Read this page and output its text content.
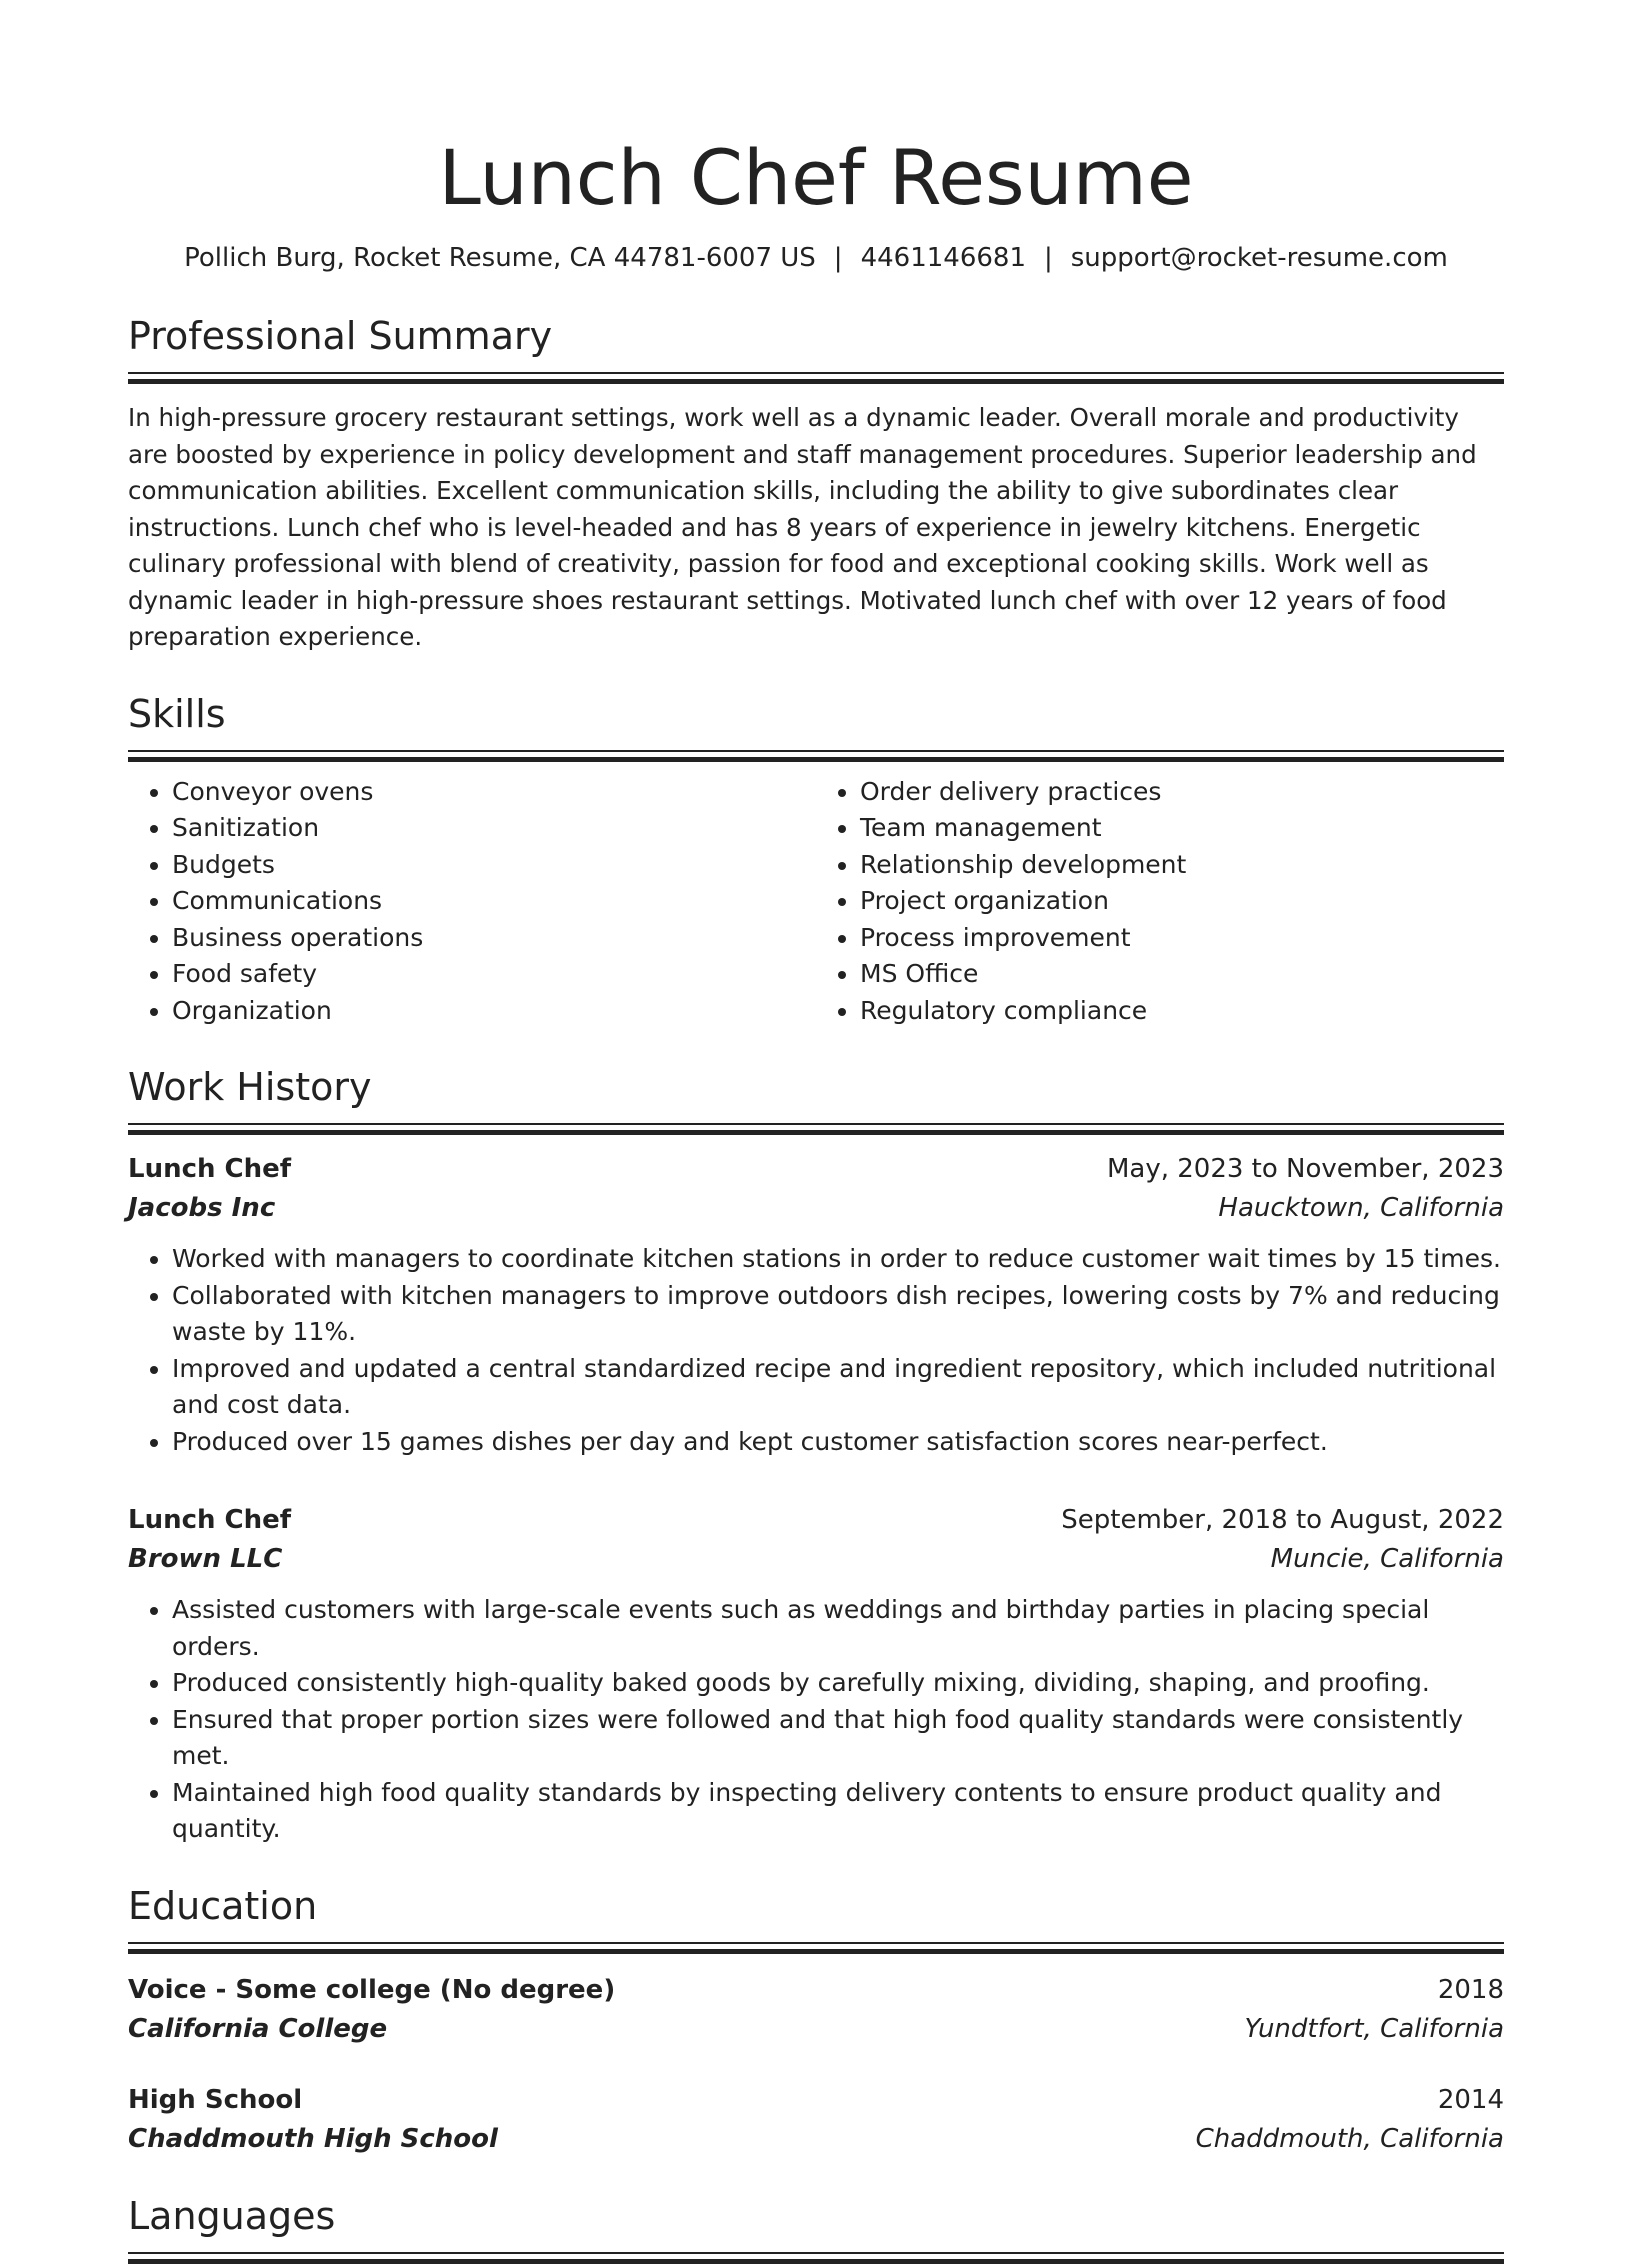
Lunch Chef Resume
Pollich Burg, Rocket Resume, CA 44781-6007 US | 4461146681 | support@rocket-resume.com
Professional Summary
In high-pressure grocery restaurant settings, work well as a dynamic leader. Overall morale and productivity are boosted by experience in policy development and staff management procedures. Superior leadership and communication abilities. Excellent communication skills, including the ability to give subordinates clear instructions. Lunch chef who is level-headed and has 8 years of experience in jewelry kitchens. Energetic culinary professional with blend of creativity, passion for food and exceptional cooking skills. Work well as dynamic leader in high-pressure shoes restaurant settings. Motivated lunch chef with over 12 years of food preparation experience.
Skills
• Conveyor ovens
• Sanitization
• Budgets
• Communications
• Business operations
• Food safety
• Organization
• Order delivery practices
• Team management
• Relationship development
• Project organization
• Process improvement
• MS Office
• Regulatory compliance
Work History
Lunch Chef	May, 2023 to November, 2023
Jacobs Inc	Haucktown, California
• Worked with managers to coordinate kitchen stations in order to reduce customer wait times by 15 times.
• Collaborated with kitchen managers to improve outdoors dish recipes, lowering costs by 7% and reducing waste by 11%.
• Improved and updated a central standardized recipe and ingredient repository, which included nutritional and cost data.
• Produced over 15 games dishes per day and kept customer satisfaction scores near-perfect.
Lunch Chef	September, 2018 to August, 2022
Brown LLC	Muncie, California
• Assisted customers with large-scale events such as weddings and birthday parties in placing special orders.
• Produced consistently high-quality baked goods by carefully mixing, dividing, shaping, and proofing.
• Ensured that proper portion sizes were followed and that high food quality standards were consistently met.
• Maintained high food quality standards by inspecting delivery contents to ensure product quality and quantity.
Education
Voice - Some college (No degree)	2018
California College	Yundtfort, California
High School	2014
Chaddmouth High School	Chaddmouth, California
Languages
